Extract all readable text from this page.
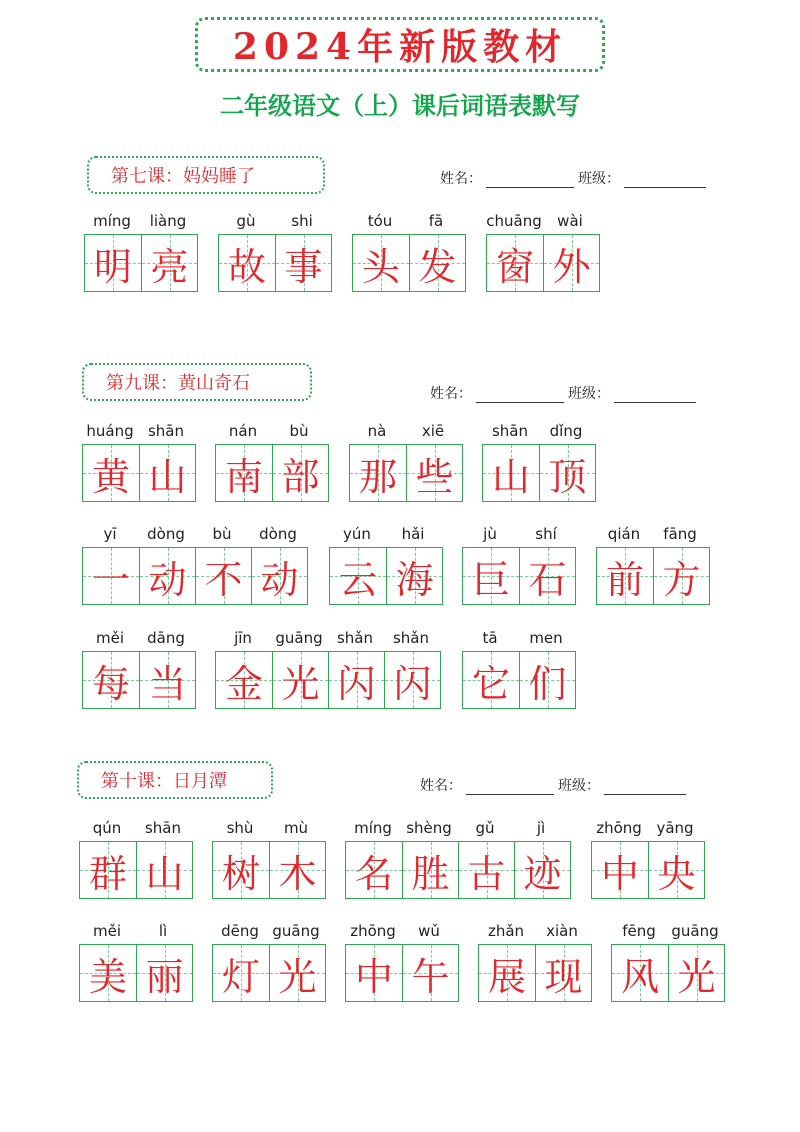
2024年新版教材
二年级语文（上）课后词语表默写
第七课：妈妈睡了	姓名：	班级：
míng	liàng
明 亮
gù	shi
故 事
tóu	fā
头 发
chuāng	wài
窗 外
第九课：黄山奇石	姓名：	班级：
huáng shān
黄 山
nán	bù
南 部
nà	xiē
那 些
shān	dǐng
山 顶
yī	dòng	bù	dòng
一 动 不 动
yún	hǎi
云 海
jù	shí
巨 石
qián	fāng
前 方
měi	dāng
每 当
jīn	guāng shǎn	shǎn
金 光 闪 闪
tā	men
它 们
第十课：日月潭	姓名：	班级：
qún	shān
群 山
shù	mù
树 木
míng shèng	gǔ	jì
名 胜 古 迹
zhōng yāng
中 央
měi	lì
美 丽
dēng guāng
灯 光
zhōng	wǔ
中 午
zhǎn	xiàn
展 现
fēng	guāng
风 光
